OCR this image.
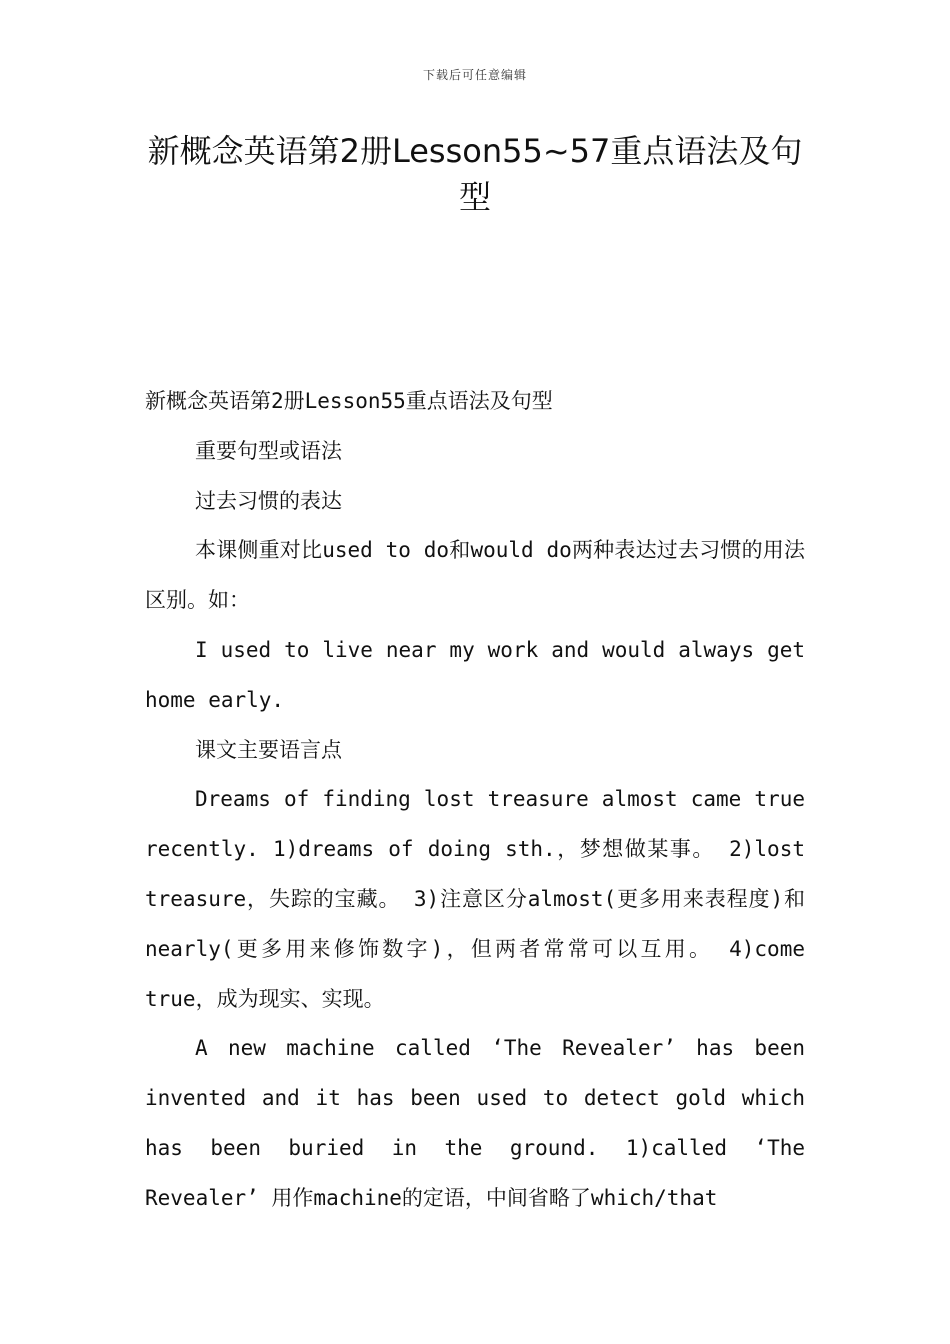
下载后可任意编辑
新概念英语第2册Lesson55~57重点语法及句型

新概念英语第2册Lesson55重点语法及句型

重要句型或语法

过去习惯的表达

本课侧重对比used to do和would do两种表达过去习惯的用法区别。如：

I used to live near my work and would always get home early.

课文主要语言点

Dreams of finding lost treasure almost came true recently. 1)dreams of doing sth.，梦想做某事。 2)lost treasure，失踪的宝藏。 3)注意区分almost(更多用来表程度)和nearly(更多用来修饰数字)，但两者常常可以互用。 4)come true，成为现实、实现。

A new machine called ‘The Revealer’ has been invented and it has been used to detect gold which has been buried in the ground. 1)called ‘The Revealer’ 用作machine的定语，中间省略了which/that
